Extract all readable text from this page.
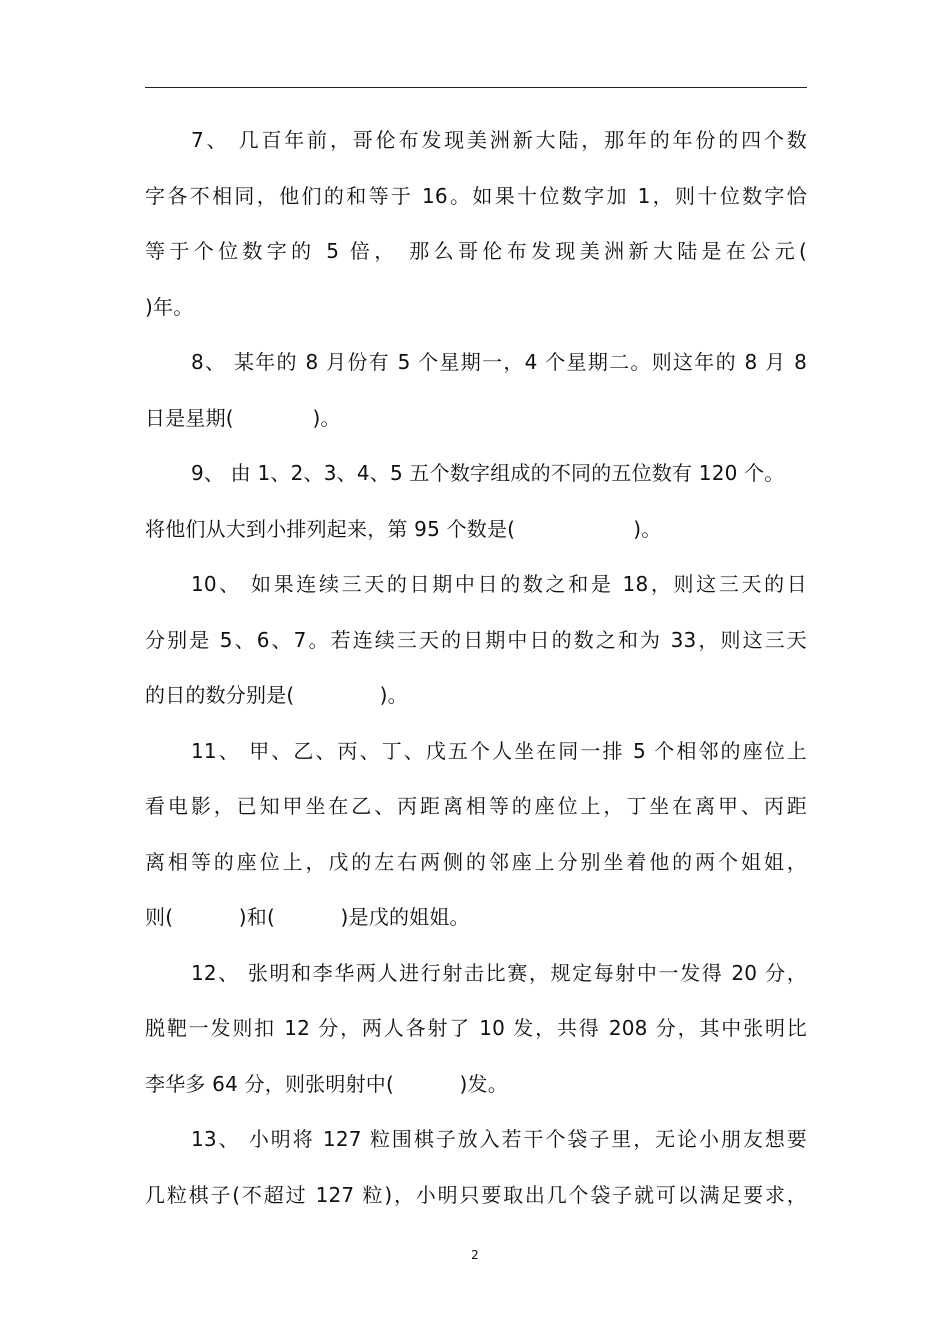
7、 几百年前，哥伦布发现美洲新大陆，那年的年份的四个数
字各不相同，他们的和等于 16。如果十位数字加 1，则十位数字恰
等于个位数字的 5 倍， 那么哥伦布发现美洲新大陆是在公元(
)年。
8、 某年的 8 月份有 5 个星期一，4 个星期二。则这年的 8 月 8
日是星期(            )。
9、 由 1、2、3、4、5 五个数字组成的不同的五位数有 120 个。
将他们从大到小排列起来，第 95 个数是(                  )。
10、 如果连续三天的日期中日的数之和是 18，则这三天的日
分别是 5、6、7。若连续三天的日期中日的数之和为 33，则这三天
的日的数分别是(             )。
11、 甲、乙、丙、丁、戊五个人坐在同一排 5 个相邻的座位上
看电影，已知甲坐在乙、丙距离相等的座位上，丁坐在离甲、丙距
离相等的座位上，戊的左右两侧的邻座上分别坐着他的两个姐姐，
则(          )和(          )是戊的姐姐。
12、 张明和李华两人进行射击比赛，规定每射中一发得 20 分，
脱靶一发则扣 12 分，两人各射了 10 发，共得 208 分，其中张明比
李华多 64 分，则张明射中(          )发。
13、 小明将 127 粒围棋子放入若干个袋子里，无论小朋友想要
几粒棋子(不超过 127 粒)，小明只要取出几个袋子就可以满足要求，
2
